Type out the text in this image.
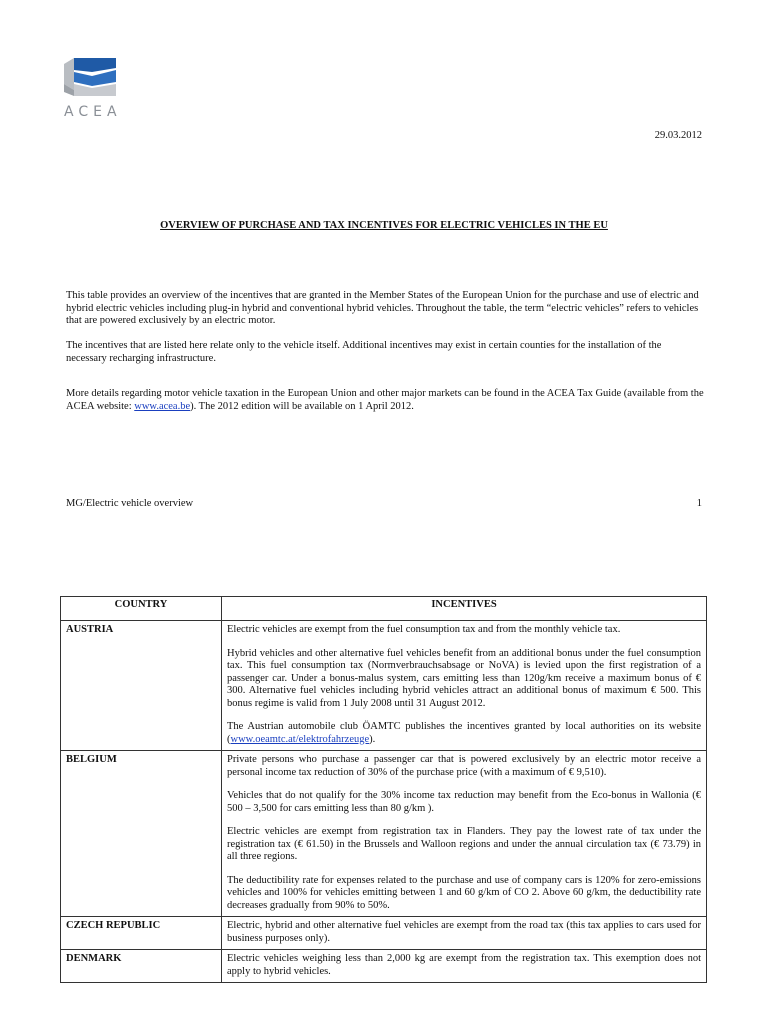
ACEA
29.03.2012
OVERVIEW OF PURCHASE AND TAX INCENTIVES FOR ELECTRIC VEHICLES IN THE EU
This table provides an overview of the incentives that are granted in the Member States of the European Union for the purchase and use of electric and hybrid electric vehicles including plug-in hybrid and conventional hybrid vehicles. Throughout the table, the term “electric vehicles” refers to vehicles that are powered exclusively by an electric motor.
The incentives that are listed here relate only to the vehicle itself. Additional incentives may exist in certain counties for the installation of the necessary recharging infrastructure.
More details regarding motor vehicle taxation in the European Union and other major markets can be found in the ACEA Tax Guide (available from the ACEA website: www.acea.be). The 2012 edition will be available on 1 April 2012.
MG/Electric vehicle overview	1
COUNTRY	INCENTIVES
AUSTRIA	Electric vehicles are exempt from the fuel consumption tax and from the monthly vehicle tax.

Hybrid vehicles and other alternative fuel vehicles benefit from an additional bonus under the fuel consumption tax. This fuel consumption tax (Normverbrauchsabsage or NoVA) is levied upon the first registration of a passenger car. Under a bonus-malus system, cars emitting less than 120g/km receive a maximum bonus of € 300. Alternative fuel vehicles including hybrid vehicles attract an additional bonus of maximum € 500. This bonus regime is valid from 1 July 2008 until 31 August 2012.

The Austrian automobile club ÖAMTC publishes the incentives granted by local authorities on its website (www.oeamtc.at/elektrofahrzeuge).

BELGIUM	Private persons who purchase a passenger car that is powered exclusively by an electric motor receive a personal income tax reduction of 30% of the purchase price (with a maximum of € 9,510).

Vehicles that do not qualify for the 30% income tax reduction may benefit from the Eco-bonus in Wallonia (€ 500 – 3,500 for cars emitting less than 80 g/km ).

Electric vehicles are exempt from registration tax in Flanders. They pay the lowest rate of tax under the registration tax (€ 61.50) in the Brussels and Walloon regions and under the annual circulation tax (€ 73.79) in all three regions.

The deductibility rate for expenses related to the purchase and use of company cars is 120% for zero-emissions vehicles and 100% for vehicles emitting between 1 and 60 g/km of CO 2. Above 60 g/km, the deductibility rate decreases gradually from 90% to 50%.

CZECH REPUBLIC	Electric, hybrid and other alternative fuel vehicles are exempt from the road tax (this tax applies to cars used for business purposes only).

DENMARK	Electric vehicles weighing less than 2,000 kg are exempt from the registration tax. This exemption does not apply to hybrid vehicles.
